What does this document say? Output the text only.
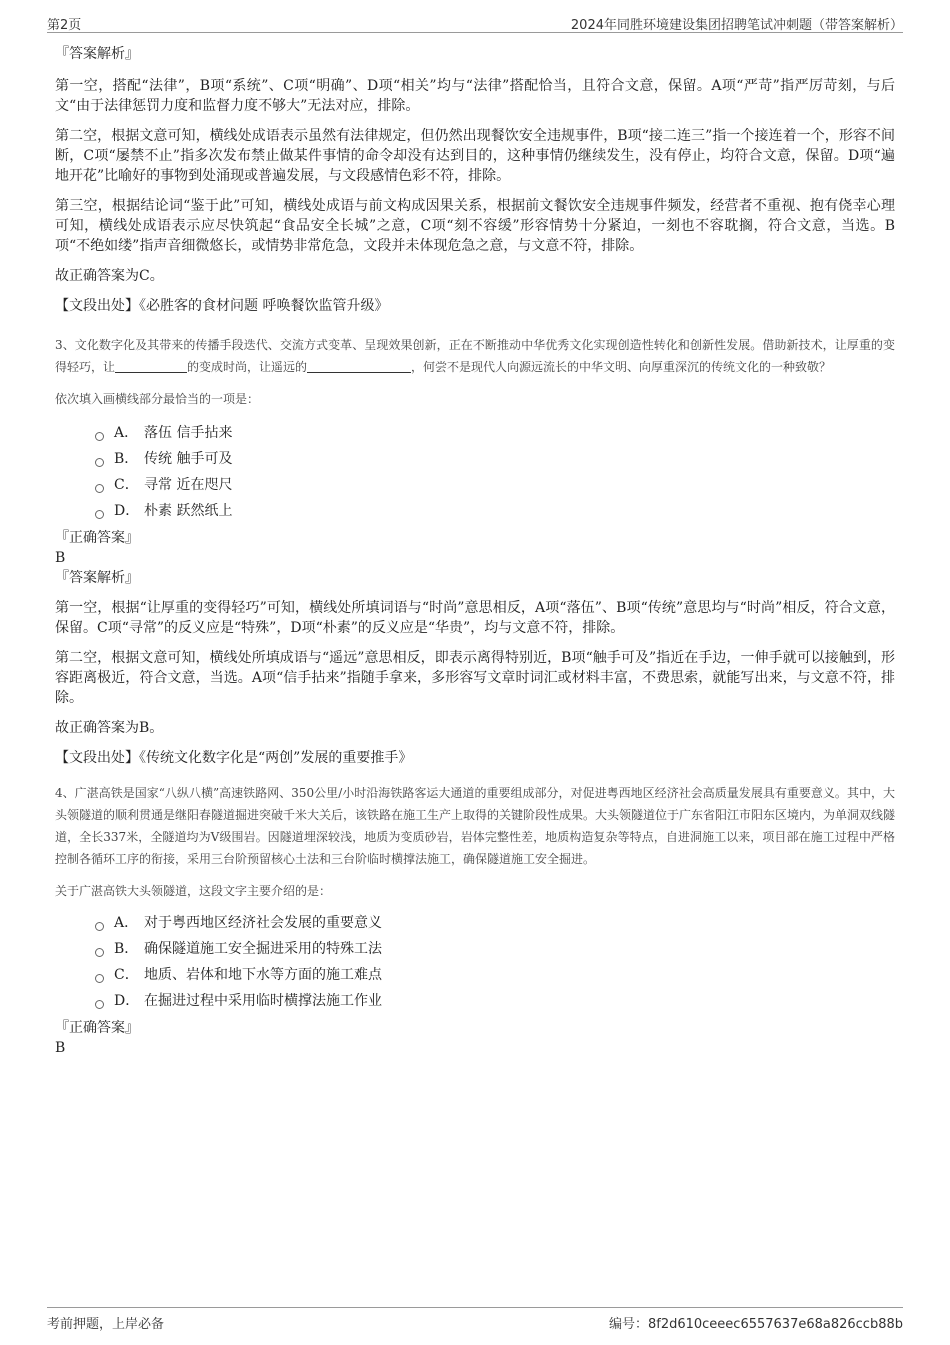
第2页	2024年同胜环境建设集团招聘笔试冲刺题（带答案解析）
『答案解析』

第一空，搭配“法律”，B项“系统”、C项“明确”、D项“相关”均与“法律”搭配恰当，且符合文意，保留。A项“严苛”指严厉苛刻，与后文“由于法律惩罚力度和监督力度不够大”无法对应，排除。

第二空，根据文意可知，横线处成语表示虽然有法律规定，但仍然出现餐饮安全违规事件，B项“接二连三”指一个接连着一个，形容不间断，C项“屡禁不止”指多次发布禁止做某件事情的命令却没有达到目的，这种事情仍继续发生，没有停止，均符合文意，保留。D项“遍地开花”比喻好的事物到处涌现或普遍发展，与文段感情色彩不符，排除。

第三空，根据结论词“鉴于此”可知，横线处成语与前文构成因果关系，根据前文餐饮安全违规事件频发，经营者不重视、抱有侥幸心理可知，横线处成语表示应尽快筑起“食品安全长城”之意，C项“刻不容缓”形容情势十分紧迫，一刻也不容耽搁，符合文意，当选。B项“不绝如缕”指声音细微悠长，或情势非常危急，文段并未体现危急之意，与文意不符，排除。

故正确答案为C。

【文段出处】《必胜客的食材问题 呼唤餐饮监管升级》

3、文化数字化及其带来的传播手段迭代、交流方式变革、呈现效果创新，正在不断推动中华优秀文化实现创造性转化和创新性发展。借助新技术，让厚重的变得轻巧，让	的变成时尚，让遥远的	，何尝不是现代人向源远流长的中华文明、向厚重深沉的传统文化的一种致敬？

依次填入画横线部分最恰当的一项是：

A． 落伍 信手拈来
B． 传统 触手可及
C． 寻常 近在咫尺
D． 朴素 跃然纸上
『正确答案』
B
『答案解析』

第一空，根据“让厚重的变得轻巧”可知，横线处所填词语与“时尚”意思相反，A项“落伍”、B项“传统”意思均与“时尚”相反，符合文意，保留。C项“寻常”的反义应是“特殊”，D项“朴素”的反义应是“华贵”，均与文意不符，排除。

第二空，根据文意可知，横线处所填成语与“遥远”意思相反，即表示离得特别近，B项“触手可及”指近在手边，一伸手就可以接触到，形容距离极近，符合文意，当选。A项“信手拈来”指随手拿来，多形容写文章时词汇或材料丰富，不费思索，就能写出来，与文意不符，排除。

故正确答案为B。

【文段出处】《传统文化数字化是“两创”发展的重要推手》

4、广湛高铁是国家“八纵八横”高速铁路网、350公里/小时沿海铁路客运大通道的重要组成部分，对促进粤西地区经济社会高质量发展具有重要意义。其中，大头领隧道的顺利贯通是继阳春隧道掘进突破千米大关后，该铁路在施工生产上取得的关键阶段性成果。大头领隧道位于广东省阳江市阳东区境内，为单洞双线隧道，全长337米，全隧道均为V级围岩。因隧道埋深较浅，地质为变质砂岩，岩体完整性差，地质构造复杂等特点，自进洞施工以来，项目部在施工过程中严格控制各循环工序的衔接，采用三台阶预留核心土法和三台阶临时横撑法施工，确保隧道施工安全掘进。

关于广湛高铁大头领隧道，这段文字主要介绍的是：

A． 对于粤西地区经济社会发展的重要意义
B． 确保隧道施工安全掘进采用的特殊工法
C． 地质、岩体和地下水等方面的施工难点
D． 在掘进过程中采用临时横撑法施工作业
『正确答案』
B
考前押题，上岸必备	编号：8f2d610ceeec6557637e68a826ccb88b
